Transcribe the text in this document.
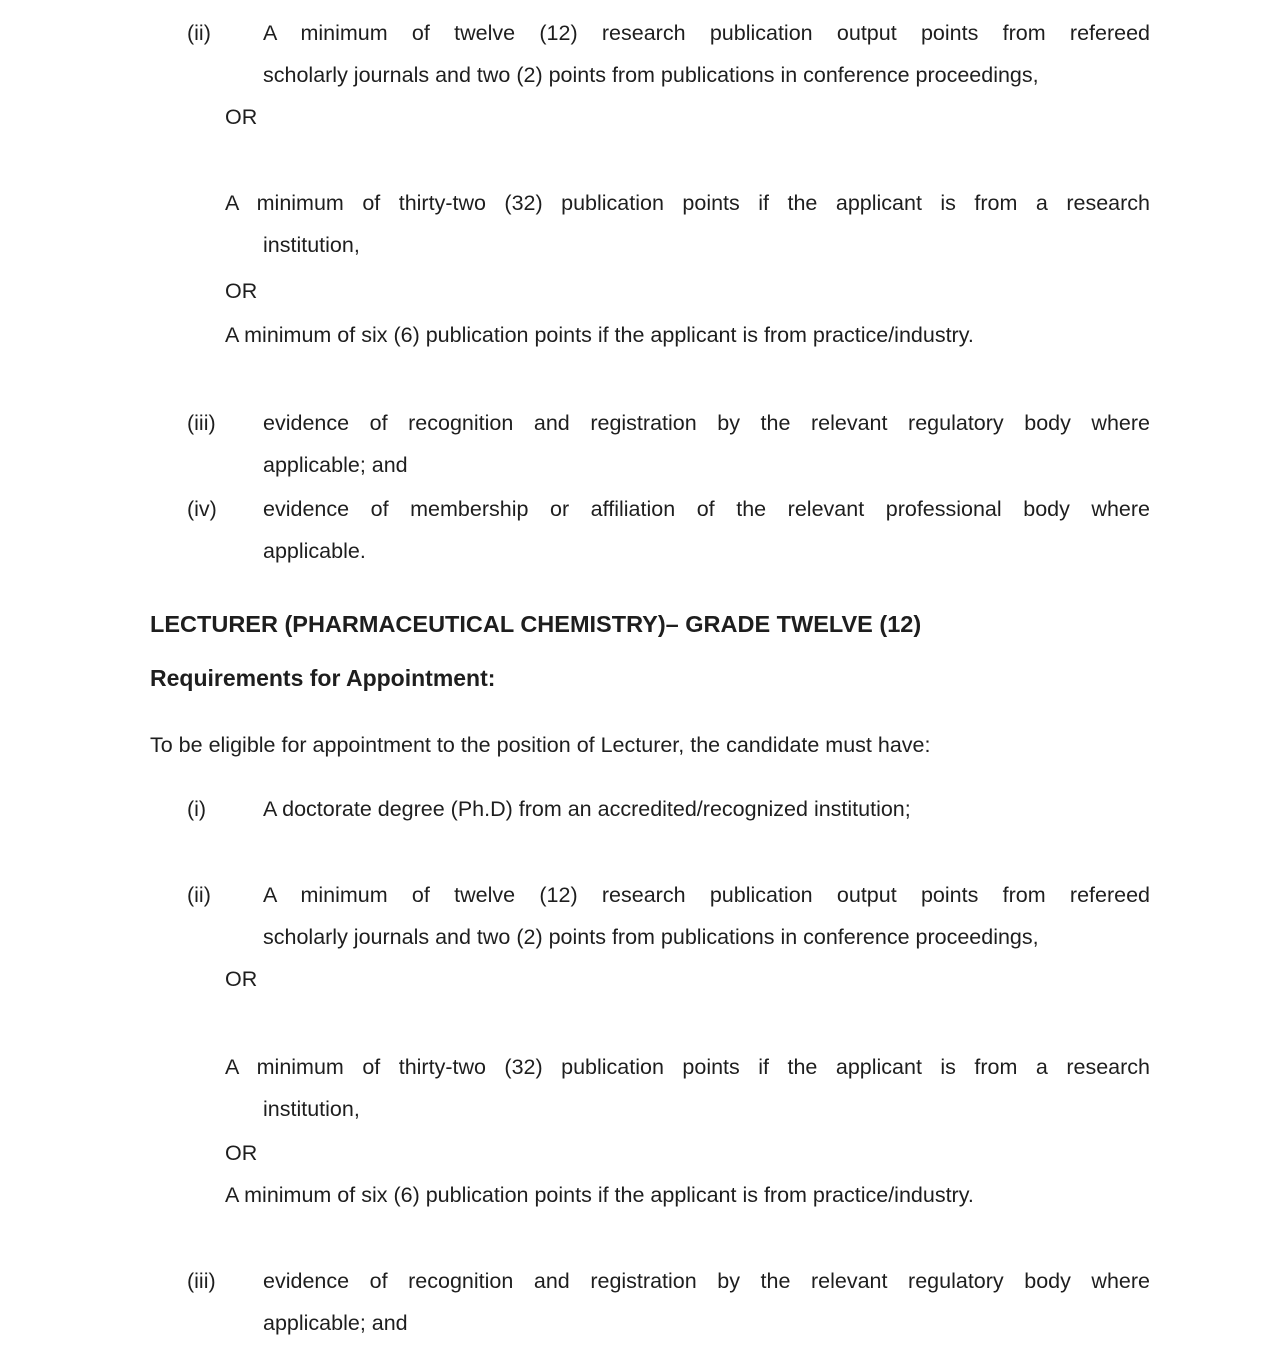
(ii) A minimum of twelve (12) research publication output points from refereed
scholarly journals and two (2) points from publications in conference proceedings,
OR
A minimum of thirty-two (32) publication points if the applicant is from a research
institution,
OR
A minimum of six (6) publication points if the applicant is from practice/industry.
(iii) evidence of recognition and registration by the relevant regulatory body where
applicable; and
(iv) evidence of membership or affiliation of the relevant professional body where
applicable.
LECTURER (PHARMACEUTICAL CHEMISTRY)– GRADE TWELVE (12)
Requirements for Appointment:

To be eligible for appointment to the position of Lecturer, the candidate must have:

(i)	A doctorate degree (Ph.D) from an accredited/recognized institution;
(ii) A minimum of twelve (12) research publication output points from refereed
scholarly journals and two (2) points from publications in conference proceedings,
OR
A minimum of thirty-two (32) publication points if the applicant is from a research
institution,
OR
A minimum of six (6) publication points if the applicant is from practice/industry.
(iii) evidence of recognition and registration by the relevant regulatory body where
applicable; and
